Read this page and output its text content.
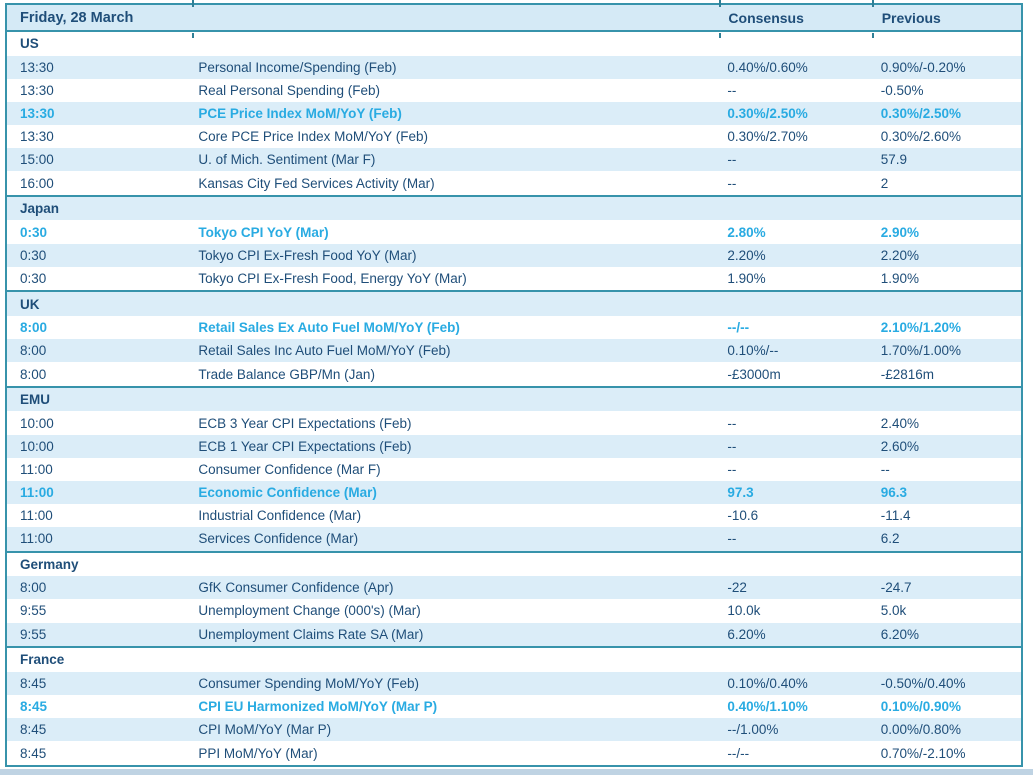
Friday, 28 March		Consensus	Previous
US			
13:30	Personal Income/Spending (Feb)	0.40%/0.60%	0.90%/-0.20%
13:30	Real Personal Spending (Feb)	--	-0.50%
13:30	PCE Price Index MoM/YoY (Feb)	0.30%/2.50%	0.30%/2.50%
13:30	Core PCE Price Index MoM/YoY (Feb)	0.30%/2.70%	0.30%/2.60%
15:00	U. of Mich. Sentiment (Mar F)	--	57.9
16:00	Kansas City Fed Services Activity (Mar)	--	2
Japan			
0:30	Tokyo CPI YoY (Mar)	2.80%	2.90%
0:30	Tokyo CPI Ex-Fresh Food YoY (Mar)	2.20%	2.20%
0:30	Tokyo CPI Ex-Fresh Food, Energy YoY (Mar)	1.90%	1.90%
UK			
8:00	Retail Sales Ex Auto Fuel MoM/YoY (Feb)	--/--	2.10%/1.20%
8:00	Retail Sales Inc Auto Fuel MoM/YoY (Feb)	0.10%/--	1.70%/1.00%
8:00	Trade Balance GBP/Mn (Jan)	-£3000m	-£2816m
EMU			
10:00	ECB 3 Year CPI Expectations (Feb)	--	2.40%
10:00	ECB 1 Year CPI Expectations (Feb)	--	2.60%
11:00	Consumer Confidence (Mar F)	--	--
11:00	Economic Confidence (Mar)	97.3	96.3
11:00	Industrial Confidence (Mar)	-10.6	-11.4
11:00	Services Confidence (Mar)	--	6.2
Germany			
8:00	GfK Consumer Confidence (Apr)	-22	-24.7
9:55	Unemployment Change (000's) (Mar)	10.0k	5.0k
9:55	Unemployment Claims Rate SA (Mar)	6.20%	6.20%
France			
8:45	Consumer Spending MoM/YoY (Feb)	0.10%/0.40%	-0.50%/0.40%
8:45	CPI EU Harmonized MoM/YoY (Mar P)	0.40%/1.10%	0.10%/0.90%
8:45	CPI MoM/YoY (Mar P)	--/1.00%	0.00%/0.80%
8:45	PPI MoM/YoY (Mar)	--/--	0.70%/-2.10%
